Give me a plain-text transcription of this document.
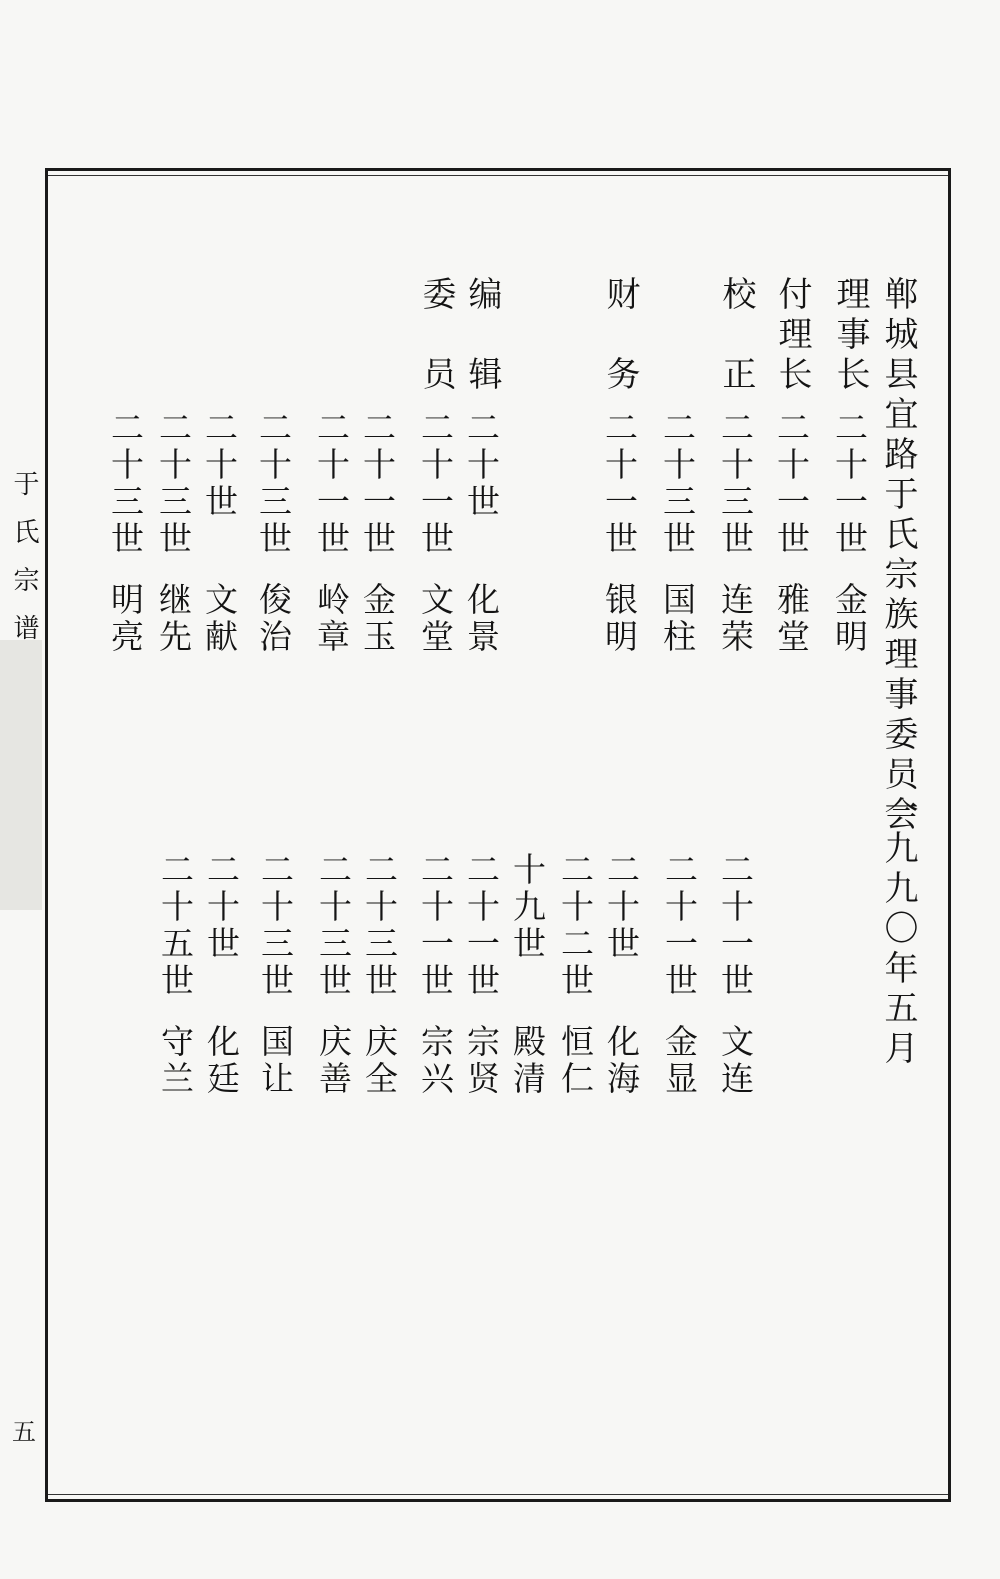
于氏宗谱
五
郸城县宜路于氏宗族理事委员会
一九九〇年五月
理事长
二十一世
金明
付理长
二十一世
雅堂
校　正
二十三世
连荣
二十三世
国柱
财　务
二十一世
银明
编　辑
二十世
化景
委　员
二十一世
文堂
二十一世
金玉
二十一世
岭章
二十三世
俊治
二十世
文献
二十三世
继先
二十三世
明亮
二十一世
文连
二十一世
金显
二十世
化海
二十二世
恒仁
十九世
殿清
二十一世
宗贤
二十一世
宗兴
二十三世
庆全
二十三世
庆善
二十三世
国让
二十世
化廷
二十五世
守兰
